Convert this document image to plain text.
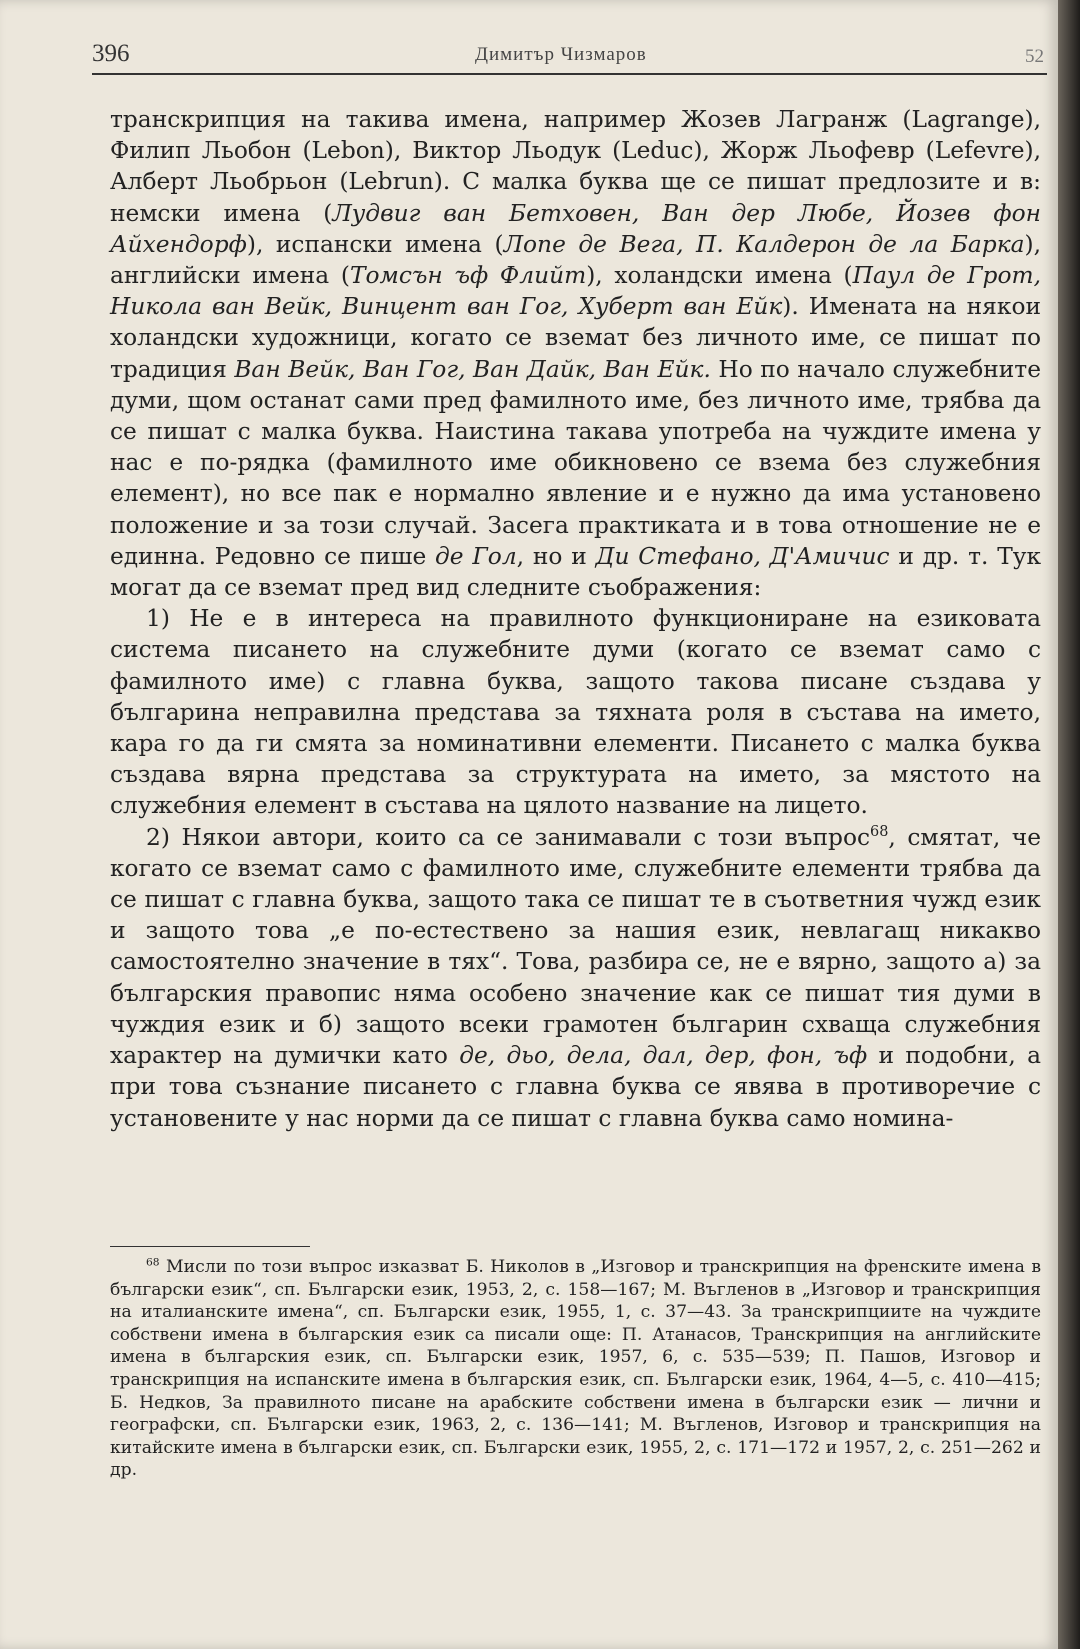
396	Димитър Чизмаров	52

транскрипция на такива имена, например Жозев Лагранж (Lagrange), Филип Льобон (Lebon), Виктор Льодук (Leduc), Жорж Льофевр (Lefevre), Алберт Льобрьон (Lebrun). С малка буква ще се пишат предлозите и в: немски имена (Лудвиг ван Бетховен, Ван дер Любе, Йозев фон Айхендорф), испански имена (Лопе де Вега, П. Калдерон де ла Барка), английски имена (Томсън ъф Флийт), холандски имена (Паул де Грот, Никола ван Вейк, Винцент ван Гог, Хуберт ван Ейк). Имената на някои холандски художници, когато се вземат без личното име, се пишат по традиция Ван Вейк, Ван Гог, Ван Дайк, Ван Ейк. Но по начало служебните думи, щом останат сами пред фамилното име, без личното име, трябва да се пишат с малка буква. Наистина такава употреба на чуждите имена у нас е по-рядка (фамилното име обикновено се взема без служебния елемент), но все пак е нормално явление и е нужно да има установено положение и за този случай. Засега практиката и в това отношение не е единна. Редовно се пише де Гол, но и Ди Стефано, Д'Амичис и др. т. Тук могат да се вземат пред вид следните съображения:

1) Не е в интереса на правилното функциониране на езиковата система писането на служебните думи (когато се вземат само с фамилното име) с главна буква, защото такова писане създава у българина неправилна представа за тяхната роля в състава на името, кара го да ги смята за номинативни елементи. Писането с малка буква създава вярна представа за структурата на името, за мястото на служебния елемент в състава на цялото название на лицето.

2) Някои автори, които са се занимавали с този въпрос$^{68}$, смятат, че когато се вземат само с фамилното име, служебните елементи трябва да се пишат с главна буква, защото така се пишат те в съответния чужд език и защото това „е по-естествено за нашия език, невлагащ никакво самостоятелно значение в тях“. Това, разбира се, не е вярно, защото а) за българския правопис няма особено значение как се пишат тия думи в чуждия език и б) защото всеки грамотен българин схваща служебния характер на думички като де, дьо, дела, дал, дер, фон, ъф и подобни, а при това съзнание писането с главна буква се явява в противоречие с установените у нас норми да се пишат с главна буква само номина-

$^{68}$ Мисли по този въпрос изказват Б. Николов в „Изговор и транскрипция на френските имена в български език“, сп. Български език, 1953, 2, с. 158—167; М. Въгленов в „Изговор и транскрипция на италианските имена“, сп. Български език, 1955, 1, с. 37—43. За транскрипциите на чуждите собствени имена в българския език са писали още: П. Атанасов, Транскрипция на английските имена в българския език, сп. Български език, 1957, 6, с. 535—539; П. Пашов, Изговор и транскрипция на испанските имена в българския език, сп. Български език, 1964, 4—5, с. 410—415; Б. Недков, За правилното писане на арабските собствени имена в български език — лични и географски, сп. Български език, 1963, 2, с. 136—141; М. Въгленов, Изговор и транскрипция на китайските имена в български език, сп. Български език, 1955, 2, с. 171—172 и 1957, 2, с. 251—262 и др.
